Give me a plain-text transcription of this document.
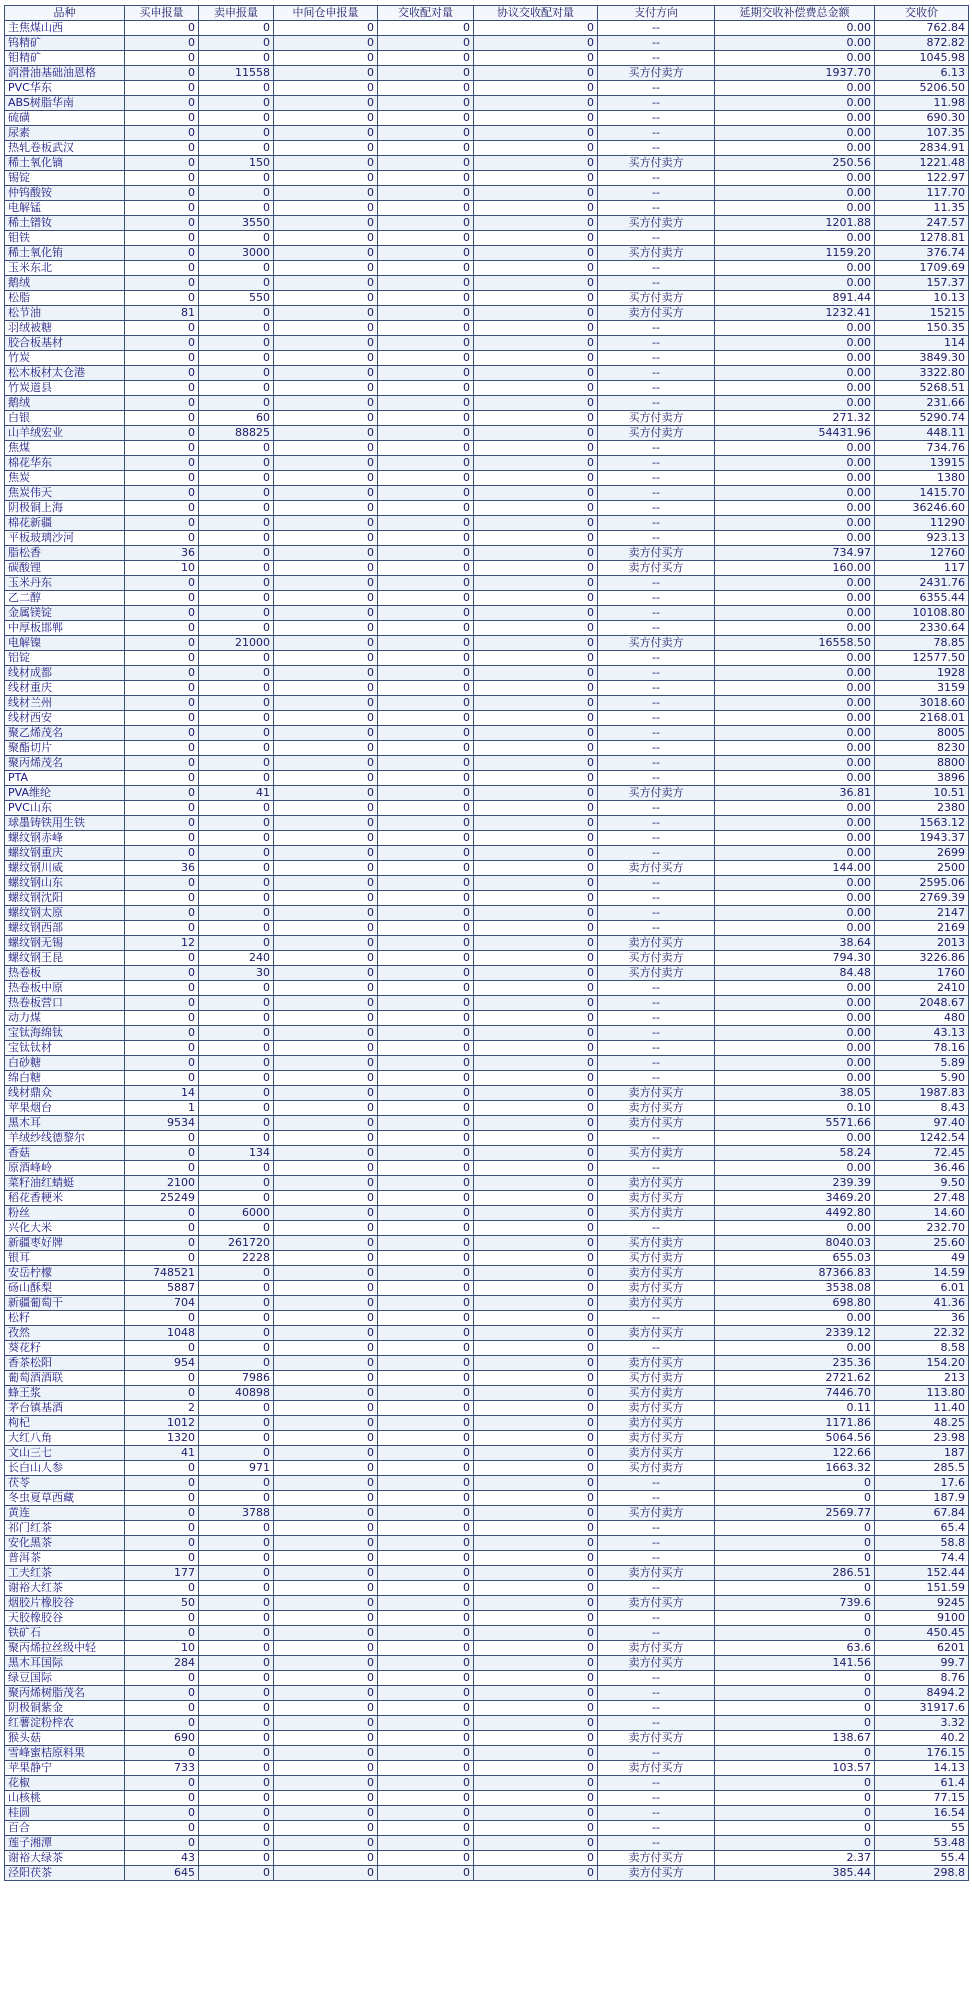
品种	买申报量	卖申报量	中间仓申报量	交收配对量	协议交收配对量	支付方向	延期交收补偿费总金额	交收价
主焦煤山西	0	0	0	0	0	--	0.00	762.84
钨精矿	0	0	0	0	0	--	0.00	872.82
钼精矿	0	0	0	0	0	--	0.00	1045.98
润滑油基础油恩格	0	11558	0	0	0	买方付卖方	1937.70	6.13
PVC华东	0	0	0	0	0	--	0.00	5206.50
ABS树脂华南	0	0	0	0	0	--	0.00	11.98
硫磺	0	0	0	0	0	--	0.00	690.30
尿素	0	0	0	0	0	--	0.00	107.35
热轧卷板武汉	0	0	0	0	0	--	0.00	2834.91
稀土氧化镝	0	150	0	0	0	买方付卖方	250.56	1221.48
锡锭	0	0	0	0	0	--	0.00	122.97
仲钨酸铵	0	0	0	0	0	--	0.00	117.70
电解锰	0	0	0	0	0	--	0.00	11.35
稀土镨钕	0	3550	0	0	0	买方付卖方	1201.88	247.57
钼铁	0	0	0	0	0	--	0.00	1278.81
稀土氧化铕	0	3000	0	0	0	买方付卖方	1159.20	376.74
玉米东北	0	0	0	0	0	--	0.00	1709.69
鹅绒	0	0	0	0	0	--	0.00	157.37
松脂	0	550	0	0	0	买方付卖方	891.44	10.13
松节油	81	0	0	0	0	卖方付买方	1232.41	15215
羽绒被糖	0	0	0	0	0	--	0.00	150.35
胶合板基材	0	0	0	0	0	--	0.00	114
竹炭	0	0	0	0	0	--	0.00	3849.30
松木板材太仓港	0	0	0	0	0	--	0.00	3322.80
竹炭道县	0	0	0	0	0	--	0.00	5268.51
鹅绒	0	0	0	0	0	--	0.00	231.66
白银	0	60	0	0	0	买方付卖方	271.32	5290.74
山羊绒宏业	0	88825	0	0	0	买方付卖方	54431.96	448.11
焦煤	0	0	0	0	0	--	0.00	734.76
棉花华东	0	0	0	0	0	--	0.00	13915
焦炭	0	0	0	0	0	--	0.00	1380
焦炭伟天	0	0	0	0	0	--	0.00	1415.70
阴极铜上海	0	0	0	0	0	--	0.00	36246.60
棉花新疆	0	0	0	0	0	--	0.00	11290
平板玻璃沙河	0	0	0	0	0	--	0.00	923.13
脂松香	36	0	0	0	0	卖方付买方	734.97	12760
碳酸锂	10	0	0	0	0	卖方付买方	160.00	117
玉米丹东	0	0	0	0	0	--	0.00	2431.76
乙二醇	0	0	0	0	0	--	0.00	6355.44
金属镁锭	0	0	0	0	0	--	0.00	10108.80
中厚板邯郸	0	0	0	0	0	--	0.00	2330.64
电解镍	0	21000	0	0	0	买方付卖方	16558.50	78.85
铝锭	0	0	0	0	0	--	0.00	12577.50
线材成都	0	0	0	0	0	--	0.00	1928
线材重庆	0	0	0	0	0	--	0.00	3159
线材兰州	0	0	0	0	0	--	0.00	3018.60
线材西安	0	0	0	0	0	--	0.00	2168.01
聚乙烯茂名	0	0	0	0	0	--	0.00	8005
聚酯切片	0	0	0	0	0	--	0.00	8230
聚丙烯茂名	0	0	0	0	0	--	0.00	8800
PTA	0	0	0	0	0	--	0.00	3896
PVA维纶	0	41	0	0	0	买方付卖方	36.81	10.51
PVC山东	0	0	0	0	0	--	0.00	2380
球墨铸铁用生铁	0	0	0	0	0	--	0.00	1563.12
螺纹钢赤峰	0	0	0	0	0	--	0.00	1943.37
螺纹钢重庆	0	0	0	0	0	--	0.00	2699
螺纹钢川威	36	0	0	0	0	卖方付买方	144.00	2500
螺纹钢山东	0	0	0	0	0	--	0.00	2595.06
螺纹钢沈阳	0	0	0	0	0	--	0.00	2769.39
螺纹钢太原	0	0	0	0	0	--	0.00	2147
螺纹钢西部	0	0	0	0	0	--	0.00	2169
螺纹钢无锡	12	0	0	0	0	卖方付买方	38.64	2013
螺纹钢王昆	0	240	0	0	0	买方付卖方	794.30	3226.86
热卷板	0	30	0	0	0	买方付卖方	84.48	1760
热卷板中原	0	0	0	0	0	--	0.00	2410
热卷板营口	0	0	0	0	0	--	0.00	2048.67
动力煤	0	0	0	0	0	--	0.00	480
宝钛海绵钛	0	0	0	0	0	--	0.00	43.13
宝钛钛材	0	0	0	0	0	--	0.00	78.16
白砂糖	0	0	0	0	0	--	0.00	5.89
绵白糖	0	0	0	0	0	--	0.00	5.90
线材鼎众	14	0	0	0	0	卖方付买方	38.05	1987.83
苹果烟台	1	0	0	0	0	卖方付买方	0.10	8.43
黑木耳	9534	0	0	0	0	卖方付买方	5571.66	97.40
羊绒纱线德黎尔	0	0	0	0	0	--	0.00	1242.54
香菇	0	134	0	0	0	买方付卖方	58.24	72.45
原酒峰岭	0	0	0	0	0	--	0.00	36.46
菜籽油红蜻蜓	2100	0	0	0	0	卖方付买方	239.39	9.50
稻花香粳米	25249	0	0	0	0	卖方付买方	3469.20	27.48
粉丝	0	6000	0	0	0	买方付卖方	4492.80	14.60
兴化大米	0	0	0	0	0	--	0.00	232.70
新疆枣好牌	0	261720	0	0	0	买方付卖方	8040.03	25.60
银耳	0	2228	0	0	0	买方付卖方	655.03	49
安岳柠檬	748521	0	0	0	0	卖方付买方	87366.83	14.59
砀山酥梨	5887	0	0	0	0	卖方付买方	3538.08	6.01
新疆葡萄干	704	0	0	0	0	卖方付买方	698.80	41.36
松籽	0	0	0	0	0	--	0.00	36
孜然	1048	0	0	0	0	卖方付买方	2339.12	22.32
葵花籽	0	0	0	0	0	--	0.00	8.58
香茶松阳	954	0	0	0	0	卖方付买方	235.36	154.20
葡萄酒酒联	0	7986	0	0	0	买方付卖方	2721.62	213
蜂王浆	0	40898	0	0	0	买方付卖方	7446.70	113.80
茅台镇基酒	2	0	0	0	0	卖方付买方	0.11	11.40
枸杞	1012	0	0	0	0	卖方付买方	1171.86	48.25
大红八角	1320	0	0	0	0	卖方付买方	5064.56	23.98
文山三七	41	0	0	0	0	卖方付买方	122.66	187
长白山人参	0	971	0	0	0	买方付卖方	1663.32	285.5
茯苓	0	0	0	0	0	--	0	17.6
冬虫夏草西藏	0	0	0	0	0	--	0	187.9
黄连	0	3788	0	0	0	买方付卖方	2569.77	67.84
祁门红茶	0	0	0	0	0	--	0	65.4
安化黑茶	0	0	0	0	0	--	0	58.8
普洱茶	0	0	0	0	0	--	0	74.4
工夫红茶	177	0	0	0	0	卖方付买方	286.51	152.44
谢裕大红茶	0	0	0	0	0	--	0	151.59
烟胶片橡胶谷	50	0	0	0	0	卖方付买方	739.6	9245
天胶橡胶谷	0	0	0	0	0	--	0	9100
铁矿石	0	0	0	0	0	--	0	450.45
聚丙烯拉丝级中轻	10	0	0	0	0	卖方付买方	63.6	6201
黑木耳国际	284	0	0	0	0	卖方付买方	141.56	99.7
绿豆国际	0	0	0	0	0	--	0	8.76
聚丙烯树脂茂名	0	0	0	0	0	--	0	8494.2
阴极铜紫金	0	0	0	0	0	--	0	31917.6
红薯淀粉梓农	0	0	0	0	0	--	0	3.32
猴头菇	690	0	0	0	0	卖方付买方	138.67	40.2
雪峰蜜桔原料果	0	0	0	0	0	--	0	176.15
苹果静宁	733	0	0	0	0	卖方付买方	103.57	14.13
花椒	0	0	0	0	0	--	0	61.4
山核桃	0	0	0	0	0	--	0	77.15
桂圆	0	0	0	0	0	--	0	16.54
百合	0	0	0	0	0	--	0	55
莲子湘潭	0	0	0	0	0	--	0	53.48
谢裕大绿茶	43	0	0	0	0	卖方付买方	2.37	55.4
泾阳茯茶	645	0	0	0	0	卖方付买方	385.44	298.8
